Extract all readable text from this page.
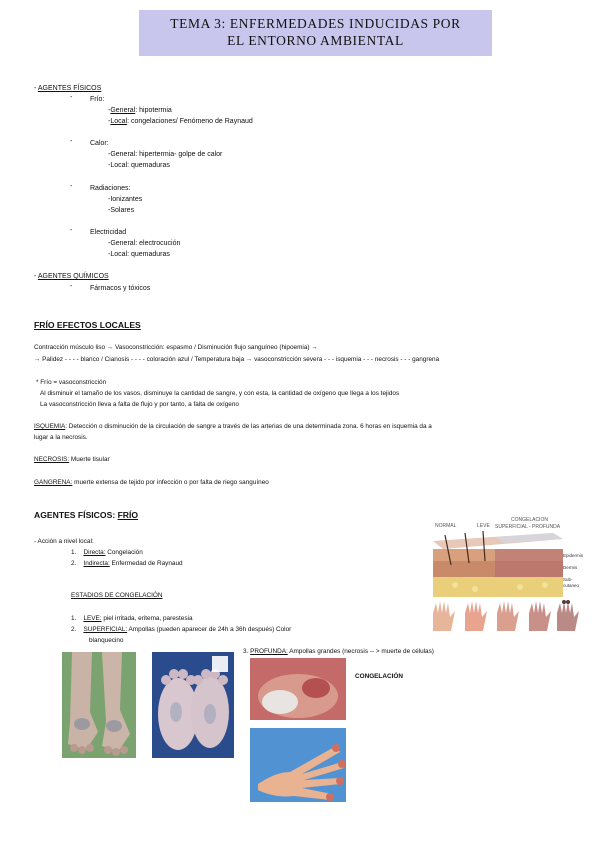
TEMA 3: ENFERMEDADES INDUCIDAS POR
EL ENTORNO AMBIENTAL
- AGENTES FÍSICOS
-	Frío:
-General: hipotermia
-Local: congelaciones/ Fenómeno de Raynaud
-	Calor:
-General: hipertermia- golpe de calor
-Local: quemaduras
-	Radiaciones:
-Ionizantes
-Solares
-	Electricidad
-General: electrocución
-Local: quemaduras
- AGENTES QUÍMICOS
-	Fármacos y tóxicos
FRÍO EFECTOS LOCALES
Contracción músculo liso → Vasoconstricción: espasmo / Disminución flujo sanguíneo (hipoemia) →
→ Palidez - - - - blanco / Cianosis - - - - coloración azul / Temperatura baja → vasoconstricción severa - - - isquemia - - - necrosis - - - gangrena
* Frío = vasoconstricción
Al disminuir el tamaño de los vasos, disminuye la cantidad de sangre, y con esta, la cantidad de oxígeno que llega a los tejidos
La vasoconstricción lleva a falta de flujo y por tanto, a falta de oxígeno
ISQUEMIA: Detección o disminución de la circulación de sangre a través de las arterias de una determinada zona. 6 horas en isquemia da a
lugar a la necrosis.
NECROSIS: Muerte tisular
GANGRENA: muerte extensa de tejido por infección o por falta de riego sanguíneo
AGENTES FÍSICOS: FRÍO
- Acción a nivel local:
1. Directa: Congelación
2. Indirecta: Enfermedad de Raynaud
ESTADIOS DE CONGELACIÓN
1.    LEVE: piel irritada, eritema, parestesia
2.    SUPERFICIAL: Ampollas (pueden aparecer de 24h a 36h después) Color
blanquecino
3. PROFUNDA: Ampollas grandes (necrosis -- > muerte de células)
CONGELACIÓN
NORMAL	LEVE
CONGELACION
SUPERFICIAL - PROFUNDA
Epidermis
Dermis
Sub-
cutaneo
